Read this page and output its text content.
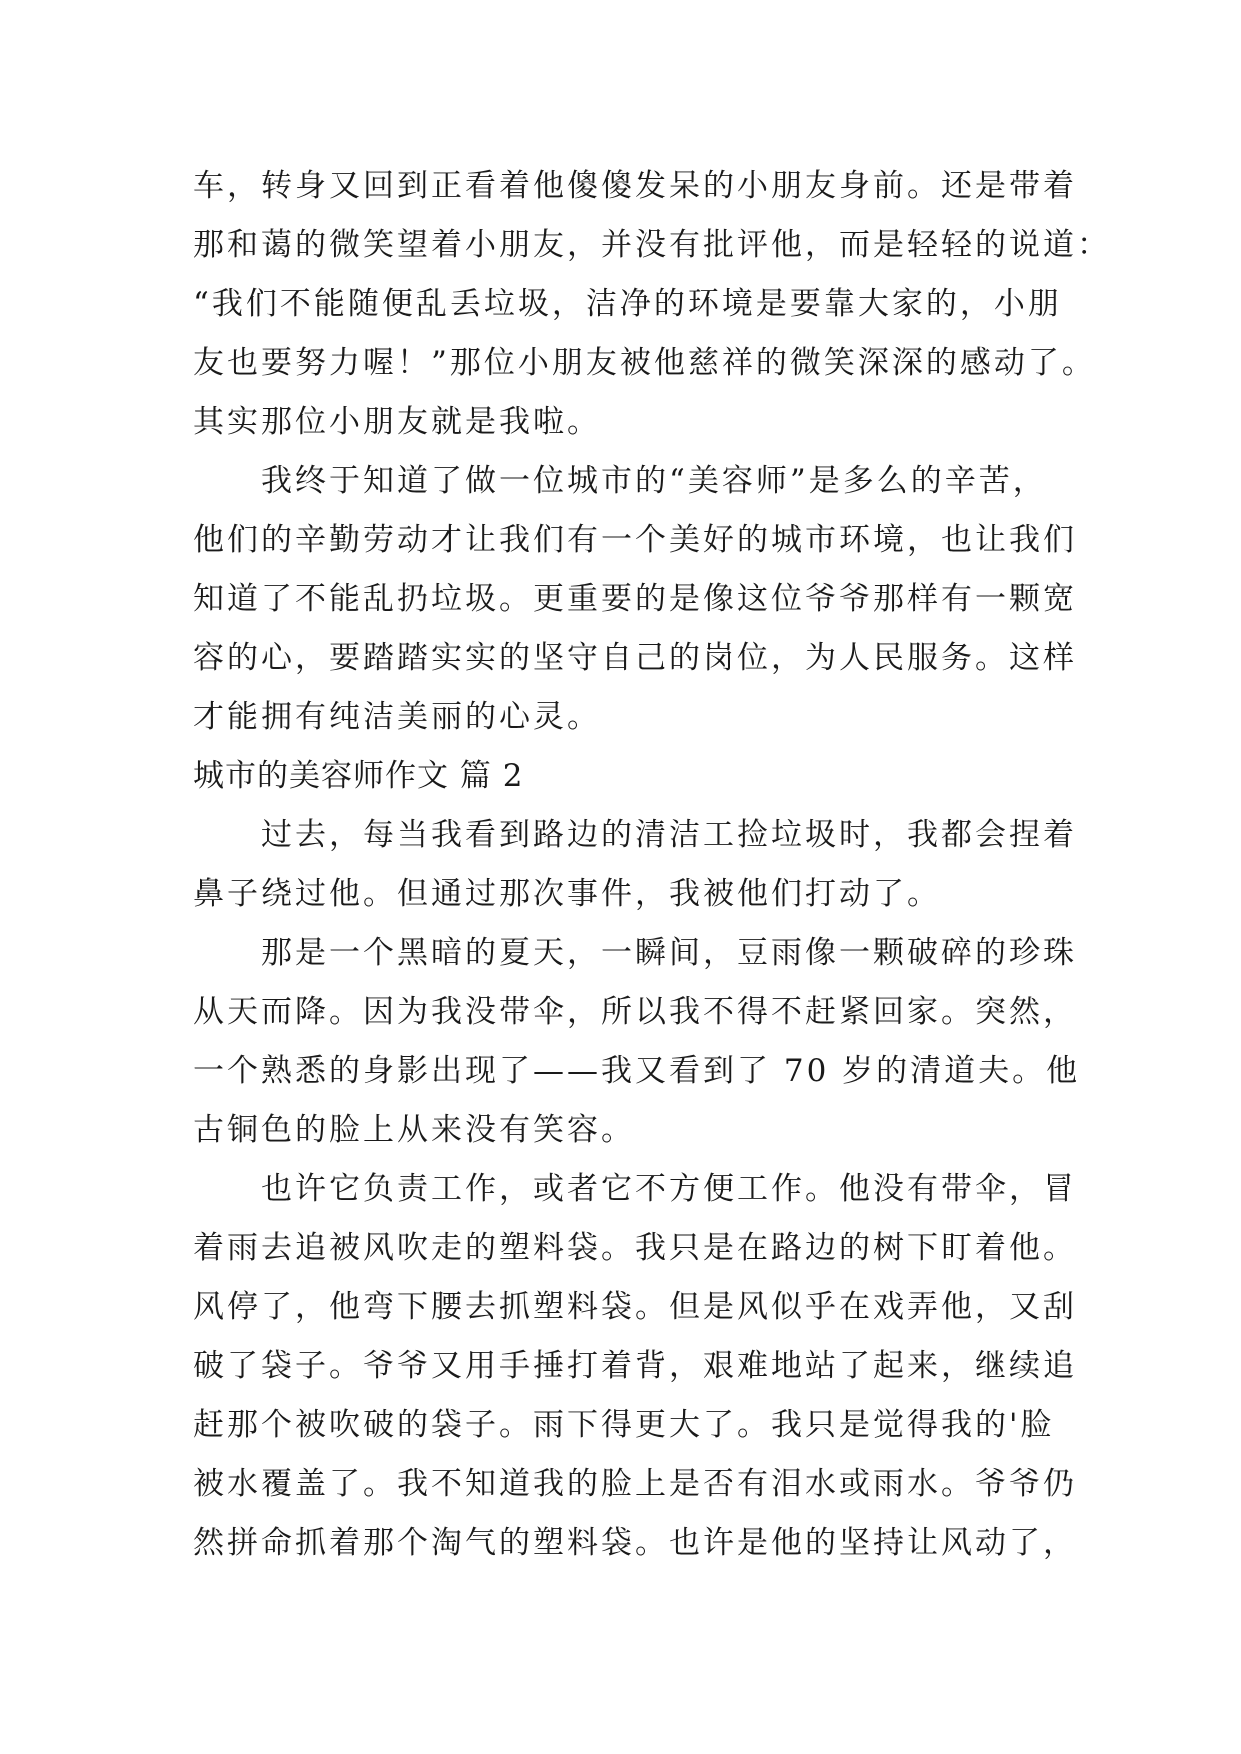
车，转身又回到正看着他傻傻发呆的小朋友身前。还是带着
那和蔼的微笑望着小朋友，并没有批评他，而是轻轻的说道：
“我们不能随便乱丢垃圾，洁净的环境是要靠大家的，小朋
友也要努力喔！”那位小朋友被他慈祥的微笑深深的感动了。
其实那位小朋友就是我啦。
　　我终于知道了做一位城市的“美容师”是多么的辛苦，
他们的辛勤劳动才让我们有一个美好的城市环境，也让我们
知道了不能乱扔垃圾。更重要的是像这位爷爷那样有一颗宽
容的心，要踏踏实实的坚守自己的岗位，为人民服务。这样
才能拥有纯洁美丽的心灵。
城市的美容师作文 篇 2
　　过去，每当我看到路边的清洁工捡垃圾时，我都会捏着
鼻子绕过他。但通过那次事件，我被他们打动了。
　　那是一个黑暗的夏天，一瞬间，豆雨像一颗破碎的珍珠
从天而降。因为我没带伞，所以我不得不赶紧回家。突然，
一个熟悉的身影出现了——我又看到了 70 岁的清道夫。他
古铜色的脸上从来没有笑容。
　　也许它负责工作，或者它不方便工作。他没有带伞，冒
着雨去追被风吹走的塑料袋。我只是在路边的树下盯着他。
风停了，他弯下腰去抓塑料袋。但是风似乎在戏弄他，又刮
破了袋子。爷爷又用手捶打着背，艰难地站了起来，继续追
赶那个被吹破的袋子。雨下得更大了。我只是觉得我的'脸
被水覆盖了。我不知道我的脸上是否有泪水或雨水。爷爷仍
然拼命抓着那个淘气的塑料袋。也许是他的坚持让风动了，
